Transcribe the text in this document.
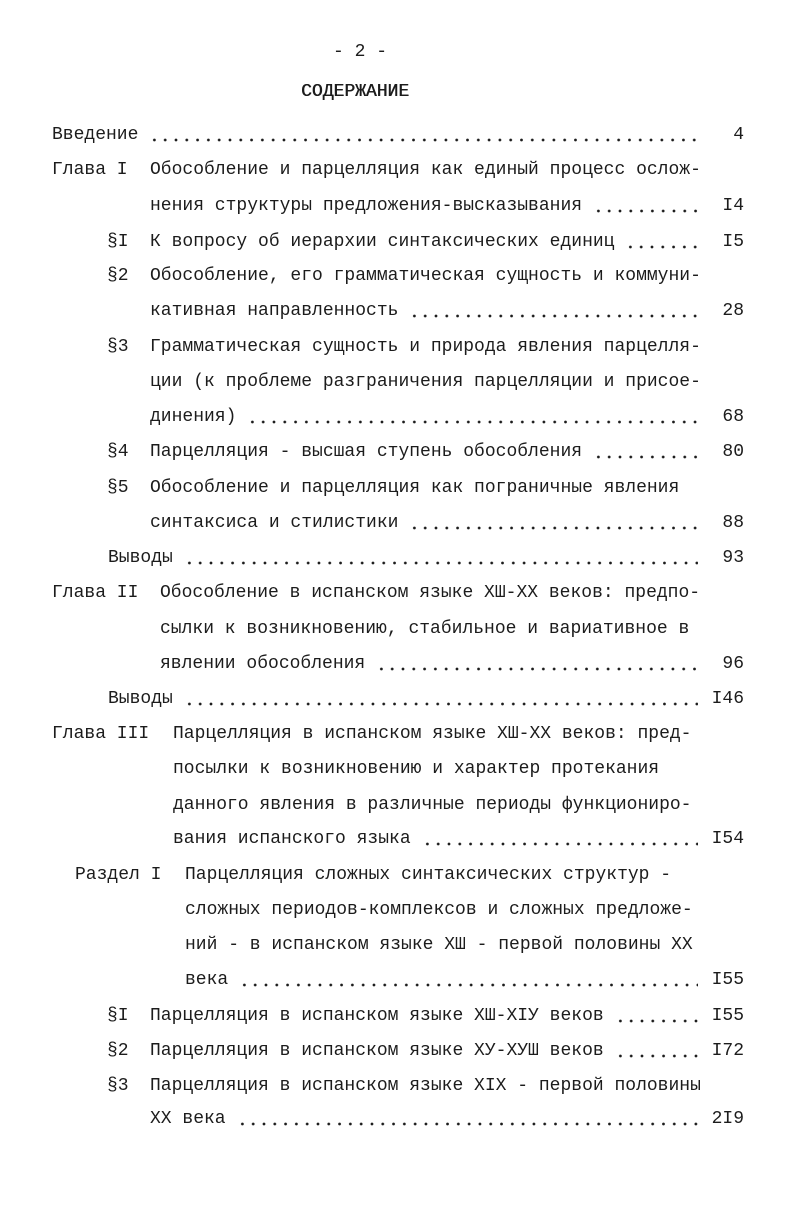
- 2 -
СОДЕРЖАНИЕ
Введение	4
Глава I Обособление и парцелляция как единый процесс ослож-
нения структуры предложения-высказывания	I4
§I К вопросу об иерархии синтаксических единиц	I5
§2 Обособление, его грамматическая сущность и коммуни-
кативная направленность	28
§3 Грамматическая сущность и природа явления парцелля-
ции (к проблеме разграничения парцелляции и присое-
динения)	68
§4 Парцелляция - высшая ступень обособления	80
§5 Обособление и парцелляция как пограничные явления
синтаксиса и стилистики	88
Выводы	93
Глава II Обособление в испанском языке XШ-XX веков: предпо-
сылки к возникновению, стабильное и вариативное в
явлении обособления	96
Выводы	I46
Глава III Парцелляция в испанском языке XШ-XX веков: пред-
посылки к возникновению и характер протекания
данного явления в различные периоды функциониро-
вания испанского языка	I54
Раздел I Парцелляция сложных синтаксических структур -
сложных периодов-комплексов и сложных предложе-
ний - в испанском языке XШ - первой половины XX
века	I55
§I Парцелляция в испанском языке XШ-XIУ веков	I55
§2 Парцелляция в испанском языке XУ-XУШ веков	I72
§3 Парцелляция в испанском языке XIX - первой половины
XX века	2I9
